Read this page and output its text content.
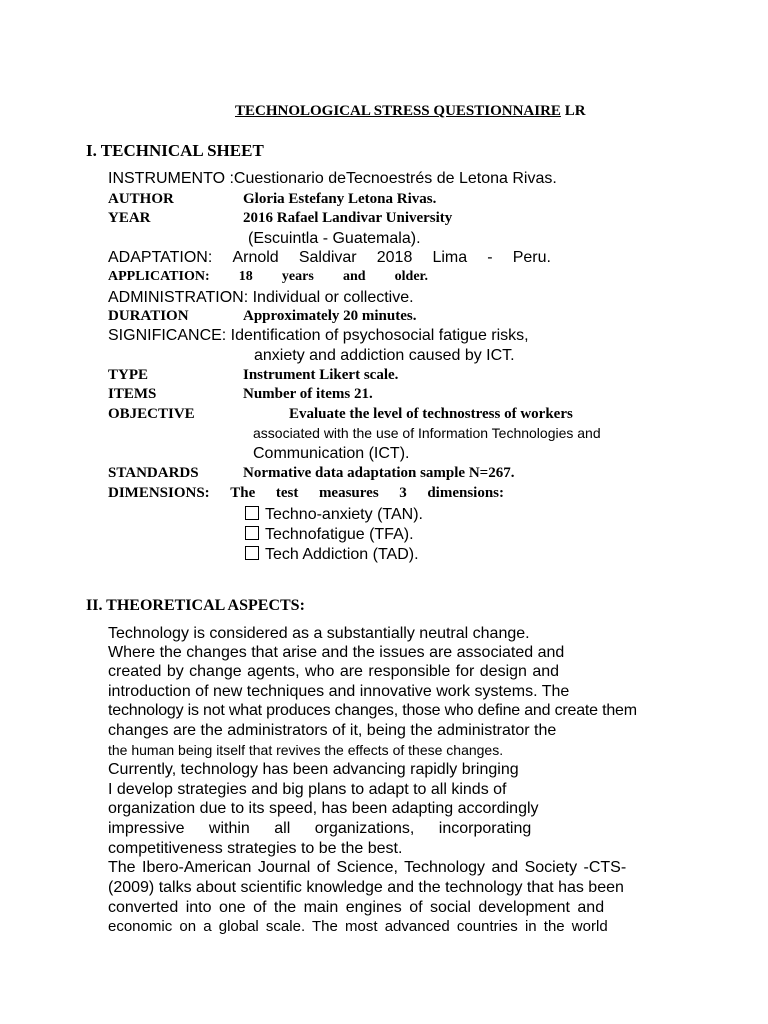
TECHNOLOGICAL STRESS QUESTIONNAIRE LR
I. TECHNICAL SHEET
INSTRUMENTO :Cuestionario deTecnoestrés de Letona Rivas.
AUTHOR	Gloria Estefany Letona Rivas.
YEAR	2016 Rafael Landivar University
(Escuintla - Guatemala).
ADAPTATION: Arnold Saldivar 2018 Lima - Peru.
APPLICATION: 18 years and older.
ADMINISTRATION: Individual or collective.
DURATION	Approximately 20 minutes.
SIGNIFICANCE: Identification of psychosocial fatigue risks,
anxiety and addiction caused by ICT.
TYPE	Instrument Likert scale.
ITEMS	Number of items 21.
OBJECTIVE	Evaluate the level of technostress of workers
associated with the use of Information Technologies and
Communication (ICT).
STANDARDS	Normative data adaptation sample N=267.
DIMENSIONS: The test measures 3 dimensions:
Techno-anxiety (TAN).
Technofatigue (TFA).
Tech Addiction (TAD).
II. THEORETICAL ASPECTS:
Technology is considered as a substantially neutral change.
Where the changes that arise and the issues are associated and
created by change agents, who are responsible for design and
introduction of new techniques and innovative work systems. The
technology is not what produces changes, those who define and create them
changes are the administrators of it, being the administrator the
the human being itself that revives the effects of these changes.
Currently, technology has been advancing rapidly bringing
I develop strategies and big plans to adapt to all kinds of
organization due to its speed, has been adapting accordingly
impressive within all organizations, incorporating
competitiveness strategies to be the best.
The Ibero-American Journal of Science, Technology and Society -CTS-
(2009) talks about scientific knowledge and the technology that has been
converted into one of the main engines of social development and
economic on a global scale. The most advanced countries in the world
